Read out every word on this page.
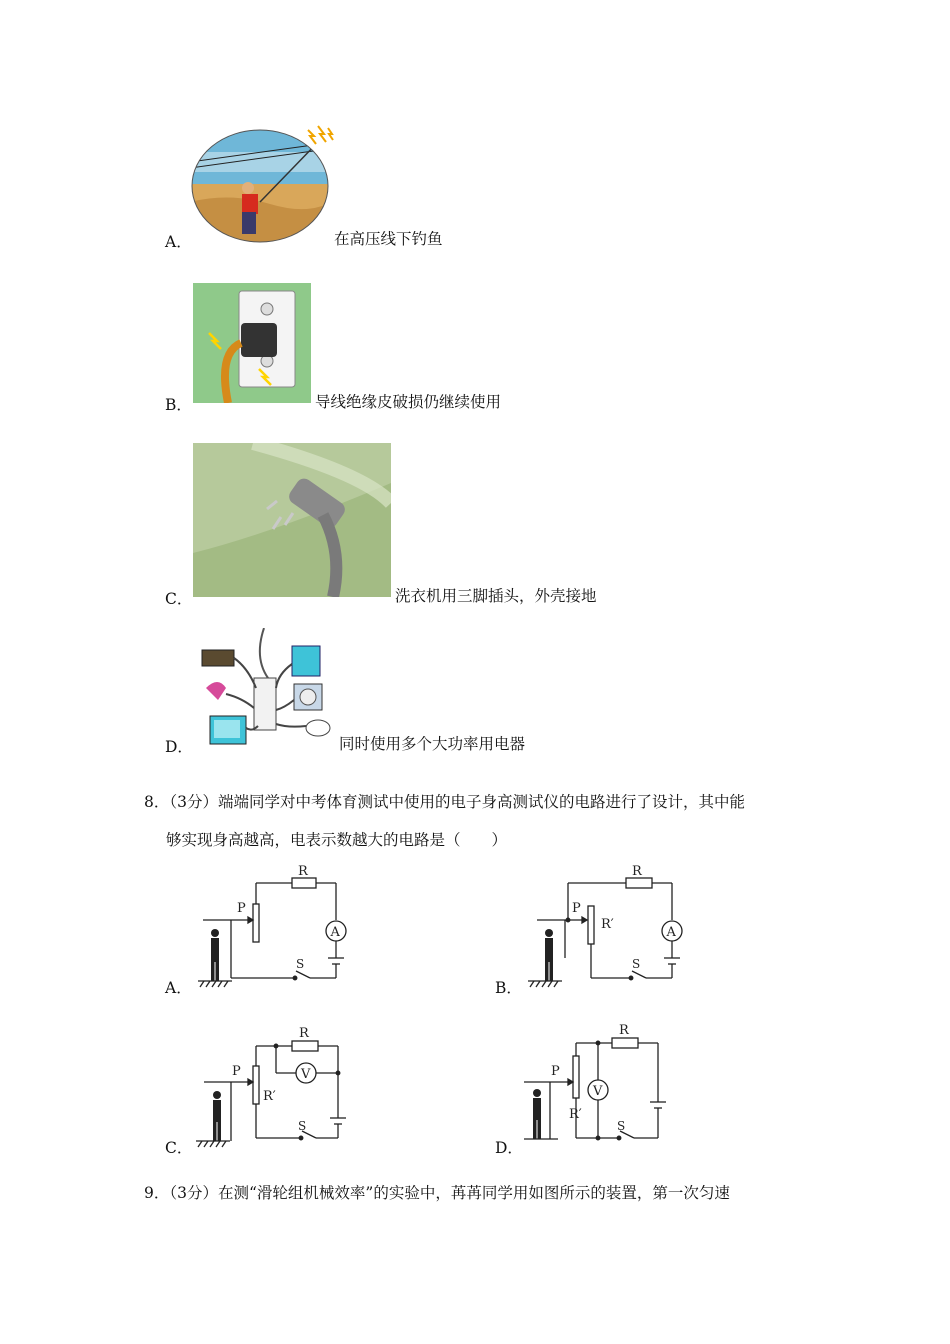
A．	在高压线下钓鱼
B．	导线绝缘皮破损仍继续使用
C．	洗衣机用三脚插头，外壳接地
D．	同时使用多个大功率用电器
8．（3分）端端同学对中考体育测试中使用的电子身高测试仪的电路进行了设计，其中能
够实现身高越高，电表示数越大的电路是（　　）
A．
P
R
A
S
B．
P
R
R′
A
S
C．
P
R
R′
V
S
D．
P
R
R′
V
S
9．（3分）在测“滑轮组机械效率”的实验中，苒苒同学用如图所示的装置，第一次匀速
